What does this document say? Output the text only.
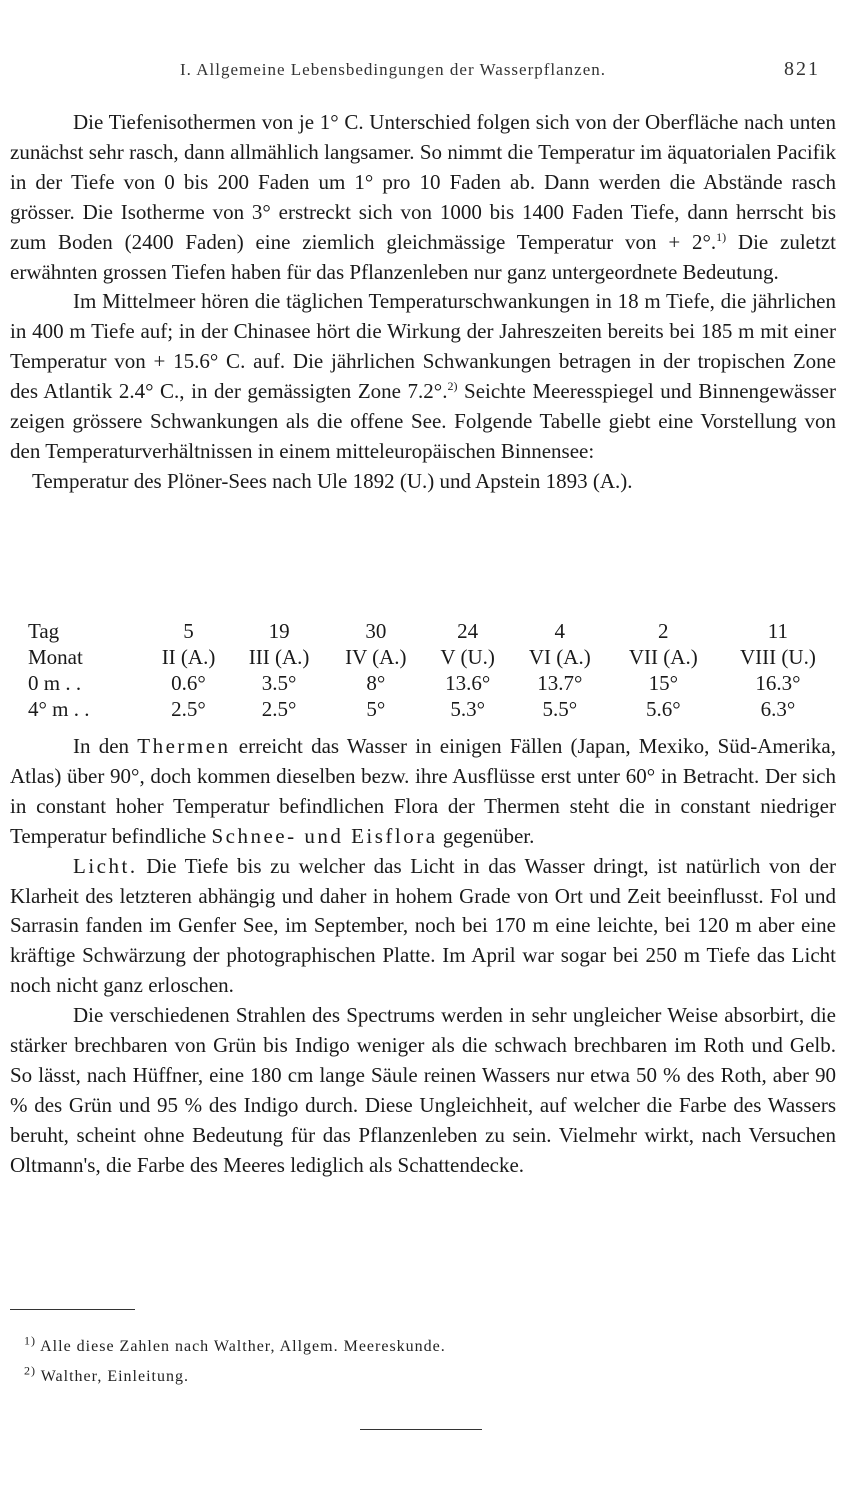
I. Allgemeine Lebensbedingungen der Wasserpflanzen.	821

Die Tiefenisothermen von je 1° C. Unterschied folgen sich von der Oberfläche nach unten zunächst sehr rasch, dann allmählich langsamer. So nimmt die Temperatur im äquatorialen Pacifik in der Tiefe von 0 bis 200 Faden um 1° pro 10 Faden ab. Dann werden die Abstände rasch grösser. Die Isotherme von 3° erstreckt sich von 1000 bis 1400 Faden Tiefe, dann herrscht bis zum Boden (2400 Faden) eine ziemlich gleichmässige Temperatur von + 2°.$^{1)}$ Die zuletzt erwähnten grossen Tiefen haben für das Pflanzenleben nur ganz untergeordnete Bedeutung.

Im Mittelmeer hören die täglichen Temperaturschwankungen in 18 m Tiefe, die jährlichen in 400 m Tiefe auf; in der Chinasee hört die Wirkung der Jahreszeiten bereits bei 185 m mit einer Temperatur von + 15.6° C. auf. Die jährlichen Schwankungen betragen in der tropischen Zone des Atlantik 2.4° C., in der gemässigten Zone 7.2°.$^{2)}$ Seichte Meeresspiegel und Binnengewässer zeigen grössere Schwankungen als die offene See. Folgende Tabelle giebt eine Vorstellung von den Temperaturverhältnissen in einem mitteleuropäischen Binnensee:

Temperatur des Plöner-Sees nach Ule 1892 (U.) und Apstein 1893 (A.).

Tag	5	19	30	24	4	2	11
Monat	II (A.)	III (A.)	IV (A.)	V (U.)	VI (A.)	VII (A.)	VIII (U.)
0 m . .	0.6°	3.5°	8°	13.6°	13.7°	15°	16.3°
4° m . .	2.5°	2.5°	5°	5.3°	5.5°	5.6°	6.3°

In den Thermen erreicht das Wasser in einigen Fällen (Japan, Mexiko, Süd-Amerika, Atlas) über 90°, doch kommen dieselben bezw. ihre Ausflüsse erst unter 60° in Betracht. Der sich in constant hoher Temperatur befindlichen Flora der Thermen steht die in constant niedriger Temperatur befindliche Schnee- und Eisflora gegenüber.

Licht. Die Tiefe bis zu welcher das Licht in das Wasser dringt, ist natürlich von der Klarheit des letzteren abhängig und daher in hohem Grade von Ort und Zeit beeinflusst. Fol und Sarrasin fanden im Genfer See, im September, noch bei 170 m eine leichte, bei 120 m aber eine kräftige Schwärzung der photographischen Platte. Im April war sogar bei 250 m Tiefe das Licht noch nicht ganz erloschen.

Die verschiedenen Strahlen des Spectrums werden in sehr ungleicher Weise absorbirt, die stärker brechbaren von Grün bis Indigo weniger als die schwach brechbaren im Roth und Gelb. So lässt, nach Hüffner, eine 180 cm lange Säule reinen Wassers nur etwa 50 % des Roth, aber 90 % des Grün und 95 % des Indigo durch. Diese Ungleichheit, auf welcher die Farbe des Wassers beruht, scheint ohne Bedeutung für das Pflanzenleben zu sein. Vielmehr wirkt, nach Versuchen Oltmann's, die Farbe des Meeres lediglich als Schattendecke.

$^{1)}$ Alle diese Zahlen nach Walther, Allgem. Meereskunde.
$^{2)}$ Walther, Einleitung.
